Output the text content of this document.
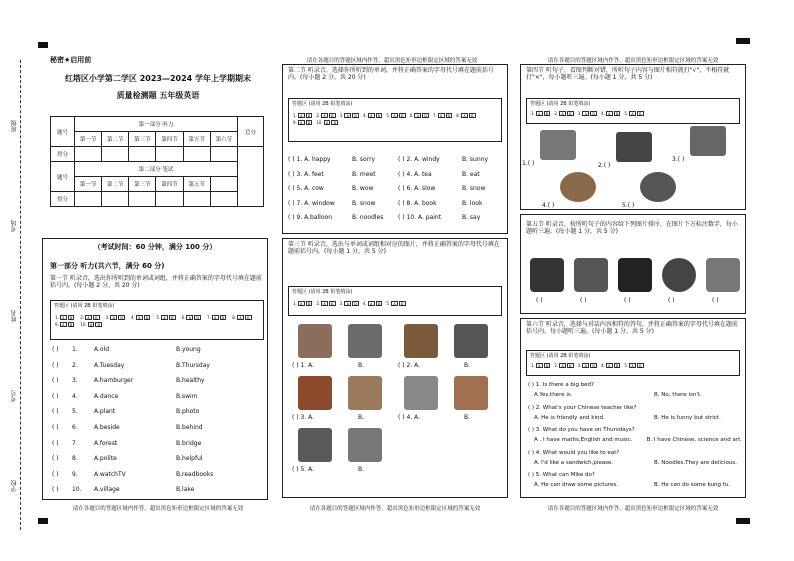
班级
考场
姓名
考号
学校
秘密★启用前
红塔区小学第二学区 2023—2024 学年上学期期末
质量检测题 五年级英语
题号	第一部分 听力						总分
	第一节	第二节	第三节	第四节	第五节	第六节	
得分							
题号	第二部分 笔试						
	第一节	第二节	第三节	第四节	第五节		
得分							
（考试时间：60 分钟，满分 100 分）
第一部分 听力(共六节，满分 60 分)
第一节 听录音，选出你所听到的单词或词组，并将正确答案的字母代号填在题前括号内。(每小题 2 分，共 20 分)
答题区 (请用 2B 铅笔填涂)
1. A	B	2. A	B	3. A	B	4. A	B	5. A	B	6. A	B	7. A	B	8. A	B
9. A	B	10. A	B
( )	1.	A.old	B.young
( )	2.	A.Tuesday	B.Thursday
( )	3.	A.hamburger	B.healthy
( )	4.	A.dance	B.swim
( )	5.	A.plant	B.photo
( )	6.	A.beside	B.behind
( )	7.	A.forest	B.bridge
( )	8.	A.polite	B.helpful
( )	9.	A.watchTV	B.readbooks
( )	10.	A.village	B.lake
请在各题目的答题区域内作答，超出黑色矩形边框限定区域的答案无效
请在各题目的答题区域内作答，超出黑色矩形边框限定区域的答案无效
第二节 听录音，选择你所听到的单词，并将正确答案的字母代号填在题前括号内。(每小题 2 分，共 20 分)
答题区 (请用 2B 铅笔填涂)
1. A	B	2. A	B	3. A	B	4. A	B	5. A	B	6. A	B	7. A	B	8. A	B
9. A	B	10. A	B
( ) 1. A. happy	B. sorry	( ) 2. A. windy	B. sunny
( ) 3. A. feet	B. meet	( ) 4. A. tea	B. eat
( ) 5. A. cow	B. wow	( ) 6. A. slow	B. snow
( ) 7. A. window	B. snow	( ) 8. A. book	B. look
( ) 9. A.balloon	B. noodles	( ) 10. A. paint	B. say
第三节 听录音，选出与单词或词组相对应的图片，并将正确答案的字母代号填在题前括号内。(每小题 1 分，共 5 分)
答题区 (请用 2B 铅笔填涂)
1. A	B	2. A	B	3. A	B	4. A	B	5. A	B
( ) 1. A.	B.	( ) 2. A.	B.
( ) 3. A.	B.	( ) 4. A.	B.
( ) 5. A.	B.
请在各题目的答题区域内作答，超出黑色矩形边框限定区域的答案无效
请在各题目的答题区域内作答，超出黑色矩形边框限定区域的答案无效
第四节 听句子，看图判断对错，所听句子内容与图片相符就打"√"，不相符就打"×"，每小题听三遍。(每小题 1 分，共 5 分)
答题区 (请用 2B 铅笔填涂)
1. A	B	2. A	B	3. A	B	4. A	B	5. A	B
1.( )	2.( )
3.( )
4.( )	5.( )
第五节 听录音，按所听句子的内容给下列图片排序，在图片下方标注数字，每小题听三遍。(每小题 1 分，共 5 分)
( )	( )	( )	( )	( )
第六节 听录音，选择与对话内容相符的答句，并将正确答案的字母代号填在题前括号内。每小题听三遍。(每小题 1 分，共 5 分)
答题区 (请用 2B 铅笔填涂)
1. A	B	2. A	B	3. A	B	4. A	B	5. A	B
( ) 1. Is there a big bed?
A.Yes,there is.	B. No, there isn't.
( ) 2. What's your Chinese teacher like?
A. He is friendly and kind.	B. He is funny but strict.
( ) 3. What do you have on Thursdays?
A . I have maths,English and music.	B. I have Chinese, science and art.
( ) 4. What would you like to eat?
A. I'd like a sandwich,please.	B. Noodles.They are delicious.
( ) 5. What can Mike do?
A. He can draw some pictures.	B. He can do some kung fu.
请在各题目的答题区域内作答，超出黑色矩形边框限定区域的答案无效
